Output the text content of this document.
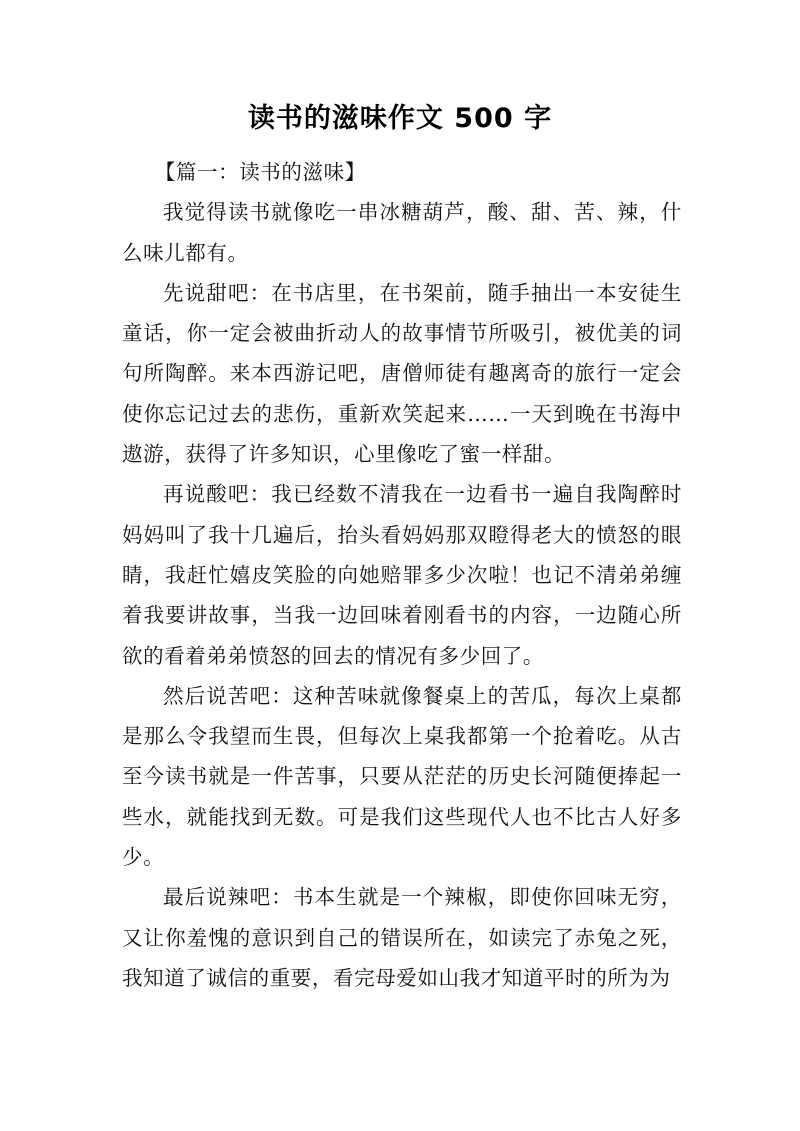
读书的滋味作文 500 字

【篇一：读书的滋味】

我觉得读书就像吃一串冰糖葫芦，酸、甜、苦、辣，什么味儿都有。

先说甜吧：在书店里，在书架前，随手抽出一本安徒生童话，你一定会被曲折动人的故事情节所吸引，被优美的词句所陶醉。来本西游记吧，唐僧师徒有趣离奇的旅行一定会使你忘记过去的悲伤，重新欢笑起来……一天到晚在书海中遨游，获得了许多知识，心里像吃了蜜一样甜。

再说酸吧：我已经数不清我在一边看书一遍自我陶醉时妈妈叫了我十几遍后，抬头看妈妈那双瞪得老大的愤怒的眼睛，我赶忙嬉皮笑脸的向她赔罪多少次啦！也记不清弟弟缠着我要讲故事，当我一边回味着刚看书的内容，一边随心所欲的看着弟弟愤怒的回去的情况有多少回了。

然后说苦吧：这种苦味就像餐桌上的苦瓜，每次上桌都是那么令我望而生畏，但每次上桌我都第一个抢着吃。从古至今读书就是一件苦事，只要从茫茫的历史长河随便捧起一些水，就能找到无数。可是我们这些现代人也不比古人好多少。

最后说辣吧：书本生就是一个辣椒，即使你回味无穷，又让你羞愧的意识到自己的错误所在，如读完了赤兔之死，我知道了诚信的重要，看完母爱如山我才知道平时的所为为
